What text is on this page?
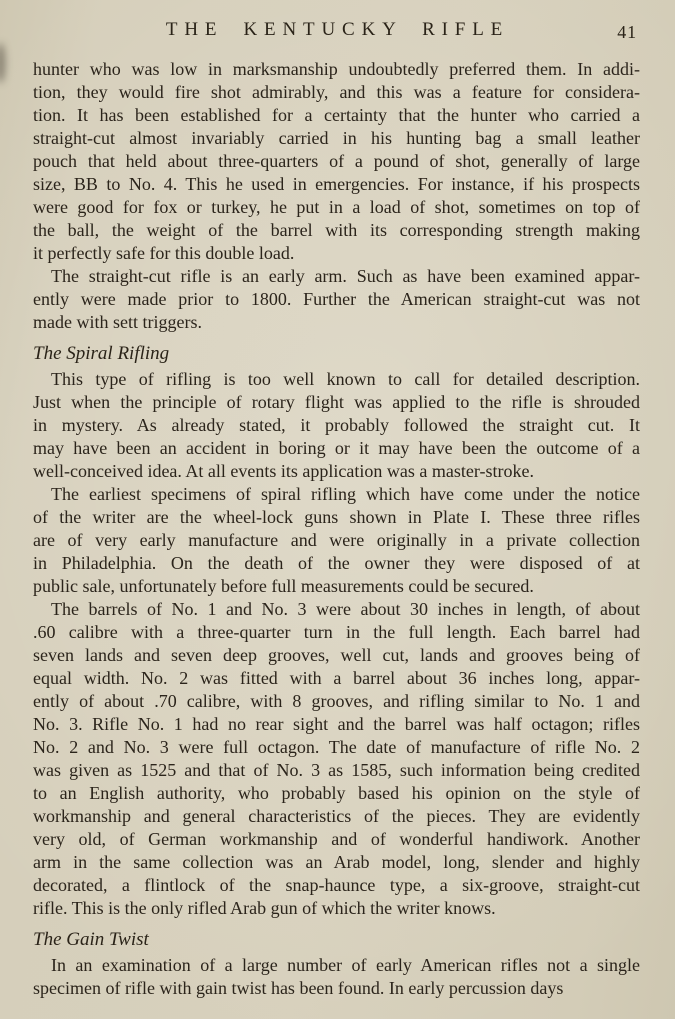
THE KENTUCKY RIFLE	41
hunter who was low in marksmanship undoubtedly preferred them. In addi-
tion, they would fire shot admirably, and this was a feature for considera-
tion. It has been established for a certainty that the hunter who carried a
straight-cut almost invariably carried in his hunting bag a small leather
pouch that held about three-quarters of a pound of shot, generally of large
size, BB to No. 4. This he used in emergencies. For instance, if his prospects
were good for fox or turkey, he put in a load of shot, sometimes on top of
the ball, the weight of the barrel with its corresponding strength making
it perfectly safe for this double load.
The straight-cut rifle is an early arm. Such as have been examined appar-
ently were made prior to 1800. Further the American straight-cut was not
made with sett triggers.
The Spiral Rifling
This type of rifling is too well known to call for detailed description.
Just when the principle of rotary flight was applied to the rifle is shrouded
in mystery. As already stated, it probably followed the straight cut. It
may have been an accident in boring or it may have been the outcome of a
well-conceived idea. At all events its application was a master-stroke.
The earliest specimens of spiral rifling which have come under the notice
of the writer are the wheel-lock guns shown in Plate I. These three rifles
are of very early manufacture and were originally in a private collection
in Philadelphia. On the death of the owner they were disposed of at
public sale, unfortunately before full measurements could be secured.
The barrels of No. 1 and No. 3 were about 30 inches in length, of about
.60 calibre with a three-quarter turn in the full length. Each barrel had
seven lands and seven deep grooves, well cut, lands and grooves being of
equal width. No. 2 was fitted with a barrel about 36 inches long, appar-
ently of about .70 calibre, with 8 grooves, and rifling similar to No. 1 and
No. 3. Rifle No. 1 had no rear sight and the barrel was half octagon; rifles
No. 2 and No. 3 were full octagon. The date of manufacture of rifle No. 2
was given as 1525 and that of No. 3 as 1585, such information being credited
to an English authority, who probably based his opinion on the style of
workmanship and general characteristics of the pieces. They are evidently
very old, of German workmanship and of wonderful handiwork. Another
arm in the same collection was an Arab model, long, slender and highly
decorated, a flintlock of the snap-haunce type, a six-groove, straight-cut
rifle. This is the only rifled Arab gun of which the writer knows.
The Gain Twist
In an examination of a large number of early American rifles not a single
specimen of rifle with gain twist has been found. In early percussion days
